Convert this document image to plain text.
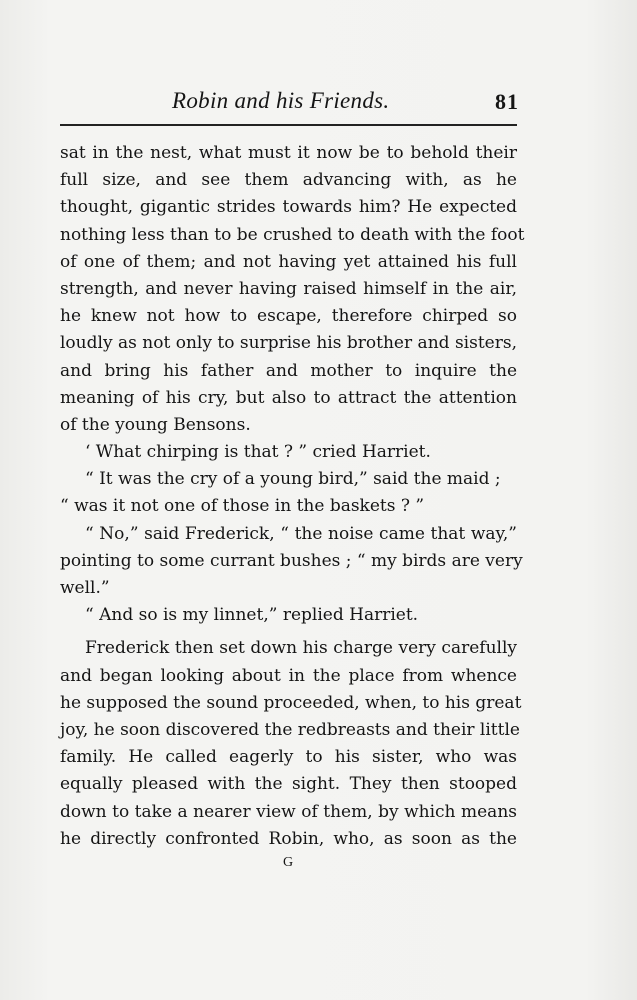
Robin and his Friends.	81
sat in the nest, what must it now be to behold their
full size, and see them advancing with, as he
thought, gigantic strides towards him? He expected
nothing less than to be crushed to death with the foot
of one of them; and not having yet attained his full
strength, and never having raised himself in the air,
he knew not how to escape, therefore chirped so
loudly as not only to surprise his brother and sisters,
and bring his father and mother to inquire the
meaning of his cry, but also to attract the attention
of the young Bensons.
‘ What chirping is that ? ” cried Harriet.
“ It was the cry of a young bird,” said the maid ;
“ was it not one of those in the baskets ? ”
“ No,” said Frederick, “ the noise came that way,”
pointing to some currant bushes ; “ my birds are very
well.”
“ And so is my linnet,” replied Harriet.
Frederick then set down his charge very carefully
and began looking about in the place from whence
he supposed the sound proceeded, when, to his great
joy, he soon discovered the redbreasts and their little
family. He called eagerly to his sister, who was
equally pleased with the sight. They then stooped
down to take a nearer view of them, by which means
he directly confronted Robin, who, as soon as the
G
